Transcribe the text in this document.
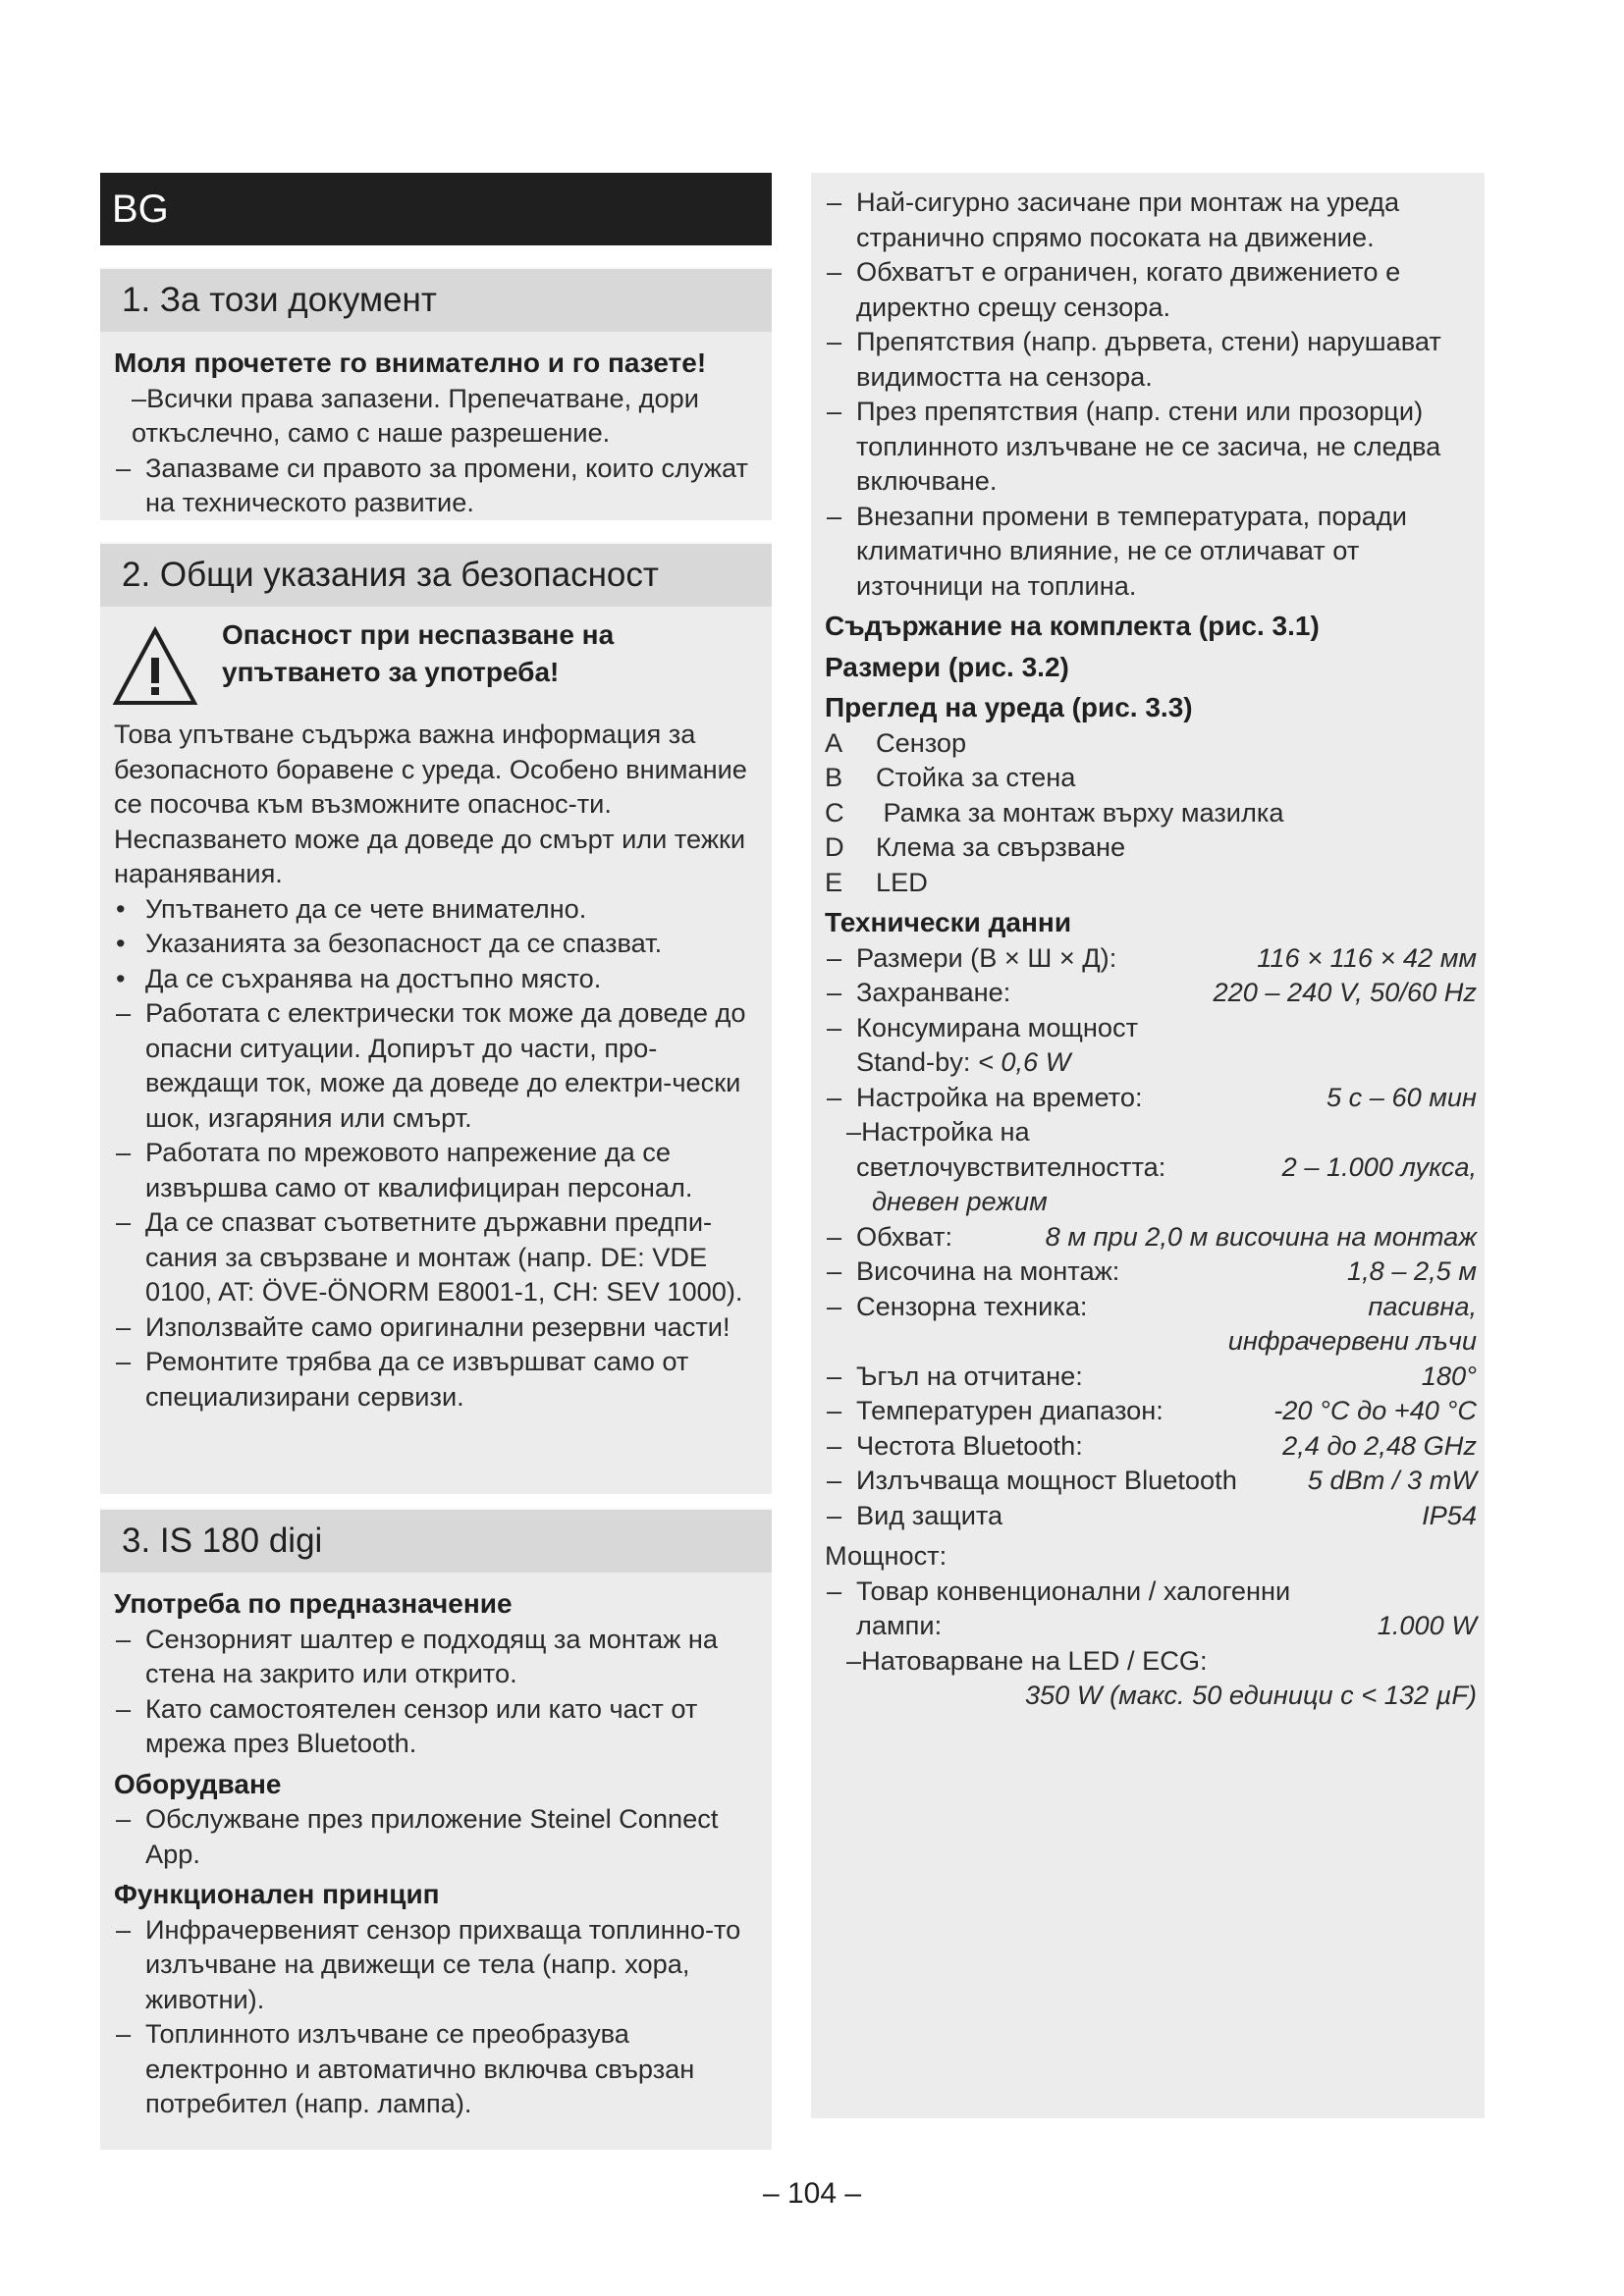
BG
1. За този документ
Моля прочетете го внимателно и го пазете!
–Всички права запазени. Препечатване, дори откъслечно, само с наше разрешение.
– Запазваме си правото за промени, които служат на техническото развитие.
2. Общи указания за безопасност
Опасност при неспазване на упътването за употреба!
Това упътване съдържа важна информация за безопасното боравене с уреда. Особено внимание се посочва към възможните опаснос-ти. Неспазването може да доведе до смърт или тежки наранявания.
• Упътването да се чете внимателно.
• Указанията за безопасност да се спазват.
• Да се съхранява на достъпно място.
– Работата с електрически ток може да доведе до опасни ситуации. Допирът до части, про-веждащи ток, може да доведе до електри-чески шок, изгаряния или смърт.
– Работата по мрежовото напрежение да се извършва само от квалифициран персонал.
– Да се спазват съответните държавни предпи-сания за свързване и монтаж (напр. DE: VDE 0100, AT: ÖVE-ÖNORM E8001-1, CH: SEV 1000).
– Използвайте само оригинални резервни части!
– Ремонтите трябва да се извършват само от специализирани сервизи.
3. IS 180 digi
Употреба по предназначение
– Сензорният шалтер е подходящ за монтаж на стена на закрито или открито.
– Като самостоятелен сензор или като част от мрежа през Bluetooth.
Оборудване
– Обслужване през приложение Steinel Connect App.
Функционален принцип
– Инфрачервеният сензор прихваща топлинно-то излъчване на движещи се тела (напр. хора, животни).
– Топлинното излъчване се преобразува електронно и автоматично включва свързан потребител (напр. лампа).
– Най-сигурно засичане при монтаж на уреда странично спрямо посоката на движение.
– Обхватът е ограничен, когато движението е директно срещу сензора.
– Препятствия (напр. дървета, стени) нарушават видимостта на сензора.
– През препятствия (напр. стени или прозорци) топлинното излъчване не се засича, не следва включване.
– Внезапни промени в температурата, поради климатично влияние, не се отличават от източници на топлина.
Съдържание на комплекта (рис. 3.1)
Размери (рис. 3.2)
Преглед на уреда (рис. 3.3)
A	Сензор
B	Стойка за стена
C	Рамка за монтаж върху мазилка
D	Клема за свързване
E	LED
Технически данни
– Размери (В × Ш × Д):	116 × 116 × 42 мм
– Захранване:	220 – 240 V, 50/60 Hz
– Консумирана мощност
Stand-by: < 0,6 W
– Настройка на времето:	5 с – 60 мин
–Настройка на
светлочувствителността:	2 – 1.000 лукса,
дневен режим
– Обхват:	8 м при 2,0 м височина на монтаж
– Височина на монтаж:	1,8 – 2,5 м
– Сензорна техника:	пасивна,
инфрачервени лъчи
– Ъгъл на отчитане:	180°
– Температурен диапазон:	-20 °C до +40 °C
– Честота Bluetooth:	2,4 до 2,48 GHz
– Излъчваща мощност Bluetooth	5 dBm / 3 mW
– Вид защита	IP54
Мощност:
– Товар конвенционални / халогенни
лампи:	1.000 W
–Натоварване на LED / ECG:
350 W (макс. 50 единици с < 132 µF)
– 104 –
